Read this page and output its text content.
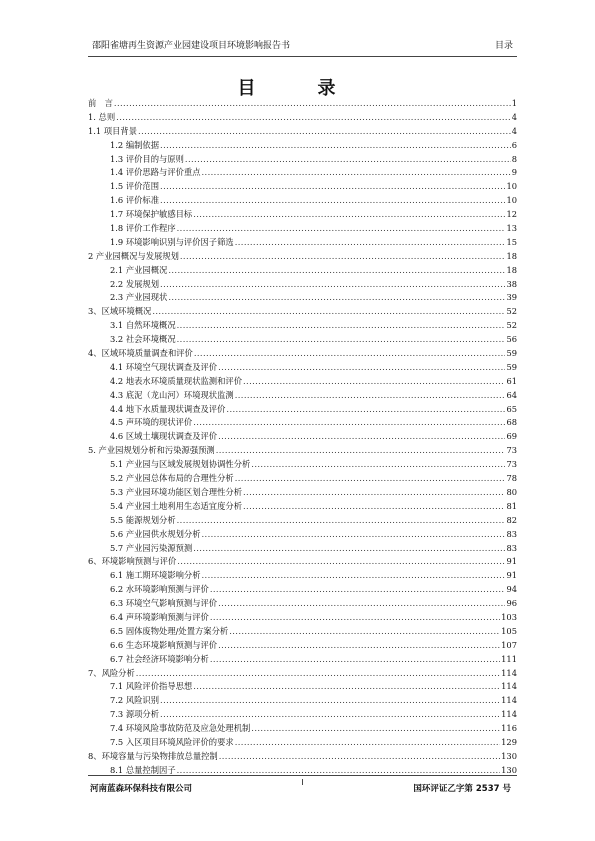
邵阳雀塘再生资源产业园建设项目环境影响报告书	目录
目　录
前　言 .....	1
1. 总则 .....	4
1.1 项目背景 .....	4
1.2 编制依据 .....	6
1.3 评价目的与原则 .....	8
1.4 评价思路与评价重点 .....	9
1.5 评价范围 .....	10
1.6 评价标准 .....	10
1.7 环境保护敏感目标 .....	12
1.8 评价工作程序 .....	13
1.9 环境影响识别与评价因子筛选 .....	15
2 产业园概况与发展规划 .....	18
2.1 产业园概况 .....	18
2.2 发展规划 .....	38
2.3 产业园现状 .....	39
3、区域环境概况 .....	52
3.1 自然环境概况 .....	52
3.2 社会环境概况 .....	56
4、区域环境质量调查和评价 .....	59
4.1 环境空气现状调查及评价 .....	59
4.2 地表水环境质量现状监测和评价 .....	61
4.3 底泥（龙山河）环境现状监测 .....	64
4.4 地下水质量现状调查及评价 .....	65
4.5 声环境的现状评价 .....	68
4.6 区域土壤现状调查及评价 .....	69
5. 产业园规划分析和污染源强预测 .....	73
5.1 产业园与区域发展规划协调性分析 .....	73
5.2 产业园总体布局的合理性分析 .....	78
5.3 产业园环境功能区划合理性分析 .....	80
5.4 产业园土地利用生态适宜度分析 .....	81
5.5 能源规划分析 .....	82
5.6 产业园供水规划分析 .....	83
5.7 产业园污染源预测 .....	83
6、环境影响预测与评价 .....	91
6.1 施工期环境影响分析 .....	91
6.2 水环境影响预测与评价 .....	94
6.3 环境空气影响预测与评价 .....	96
6.4 声环境影响预测与评价 .....	103
6.5 固体废物处理/处置方案分析 .....	105
6.6 生态环境影响预测与评价 .....	107
6.7 社会经济环境影响分析 .....	111
7、风险分析 .....	114
7.1 风险评价指导思想 .....	114
7.2 风险识别 .....	114
7.3 源项分析 .....	114
7.4 环境风险事故防范及应急处理机制 .....	116
7.5 入区项目环境风险评价的要求 .....	129
8、环境容量与污染物排放总量控制 .....	130
8.1 总量控制因子 .....	130
河南蓝森环保科技有限公司
I
国环评证乙字第 2537 号
